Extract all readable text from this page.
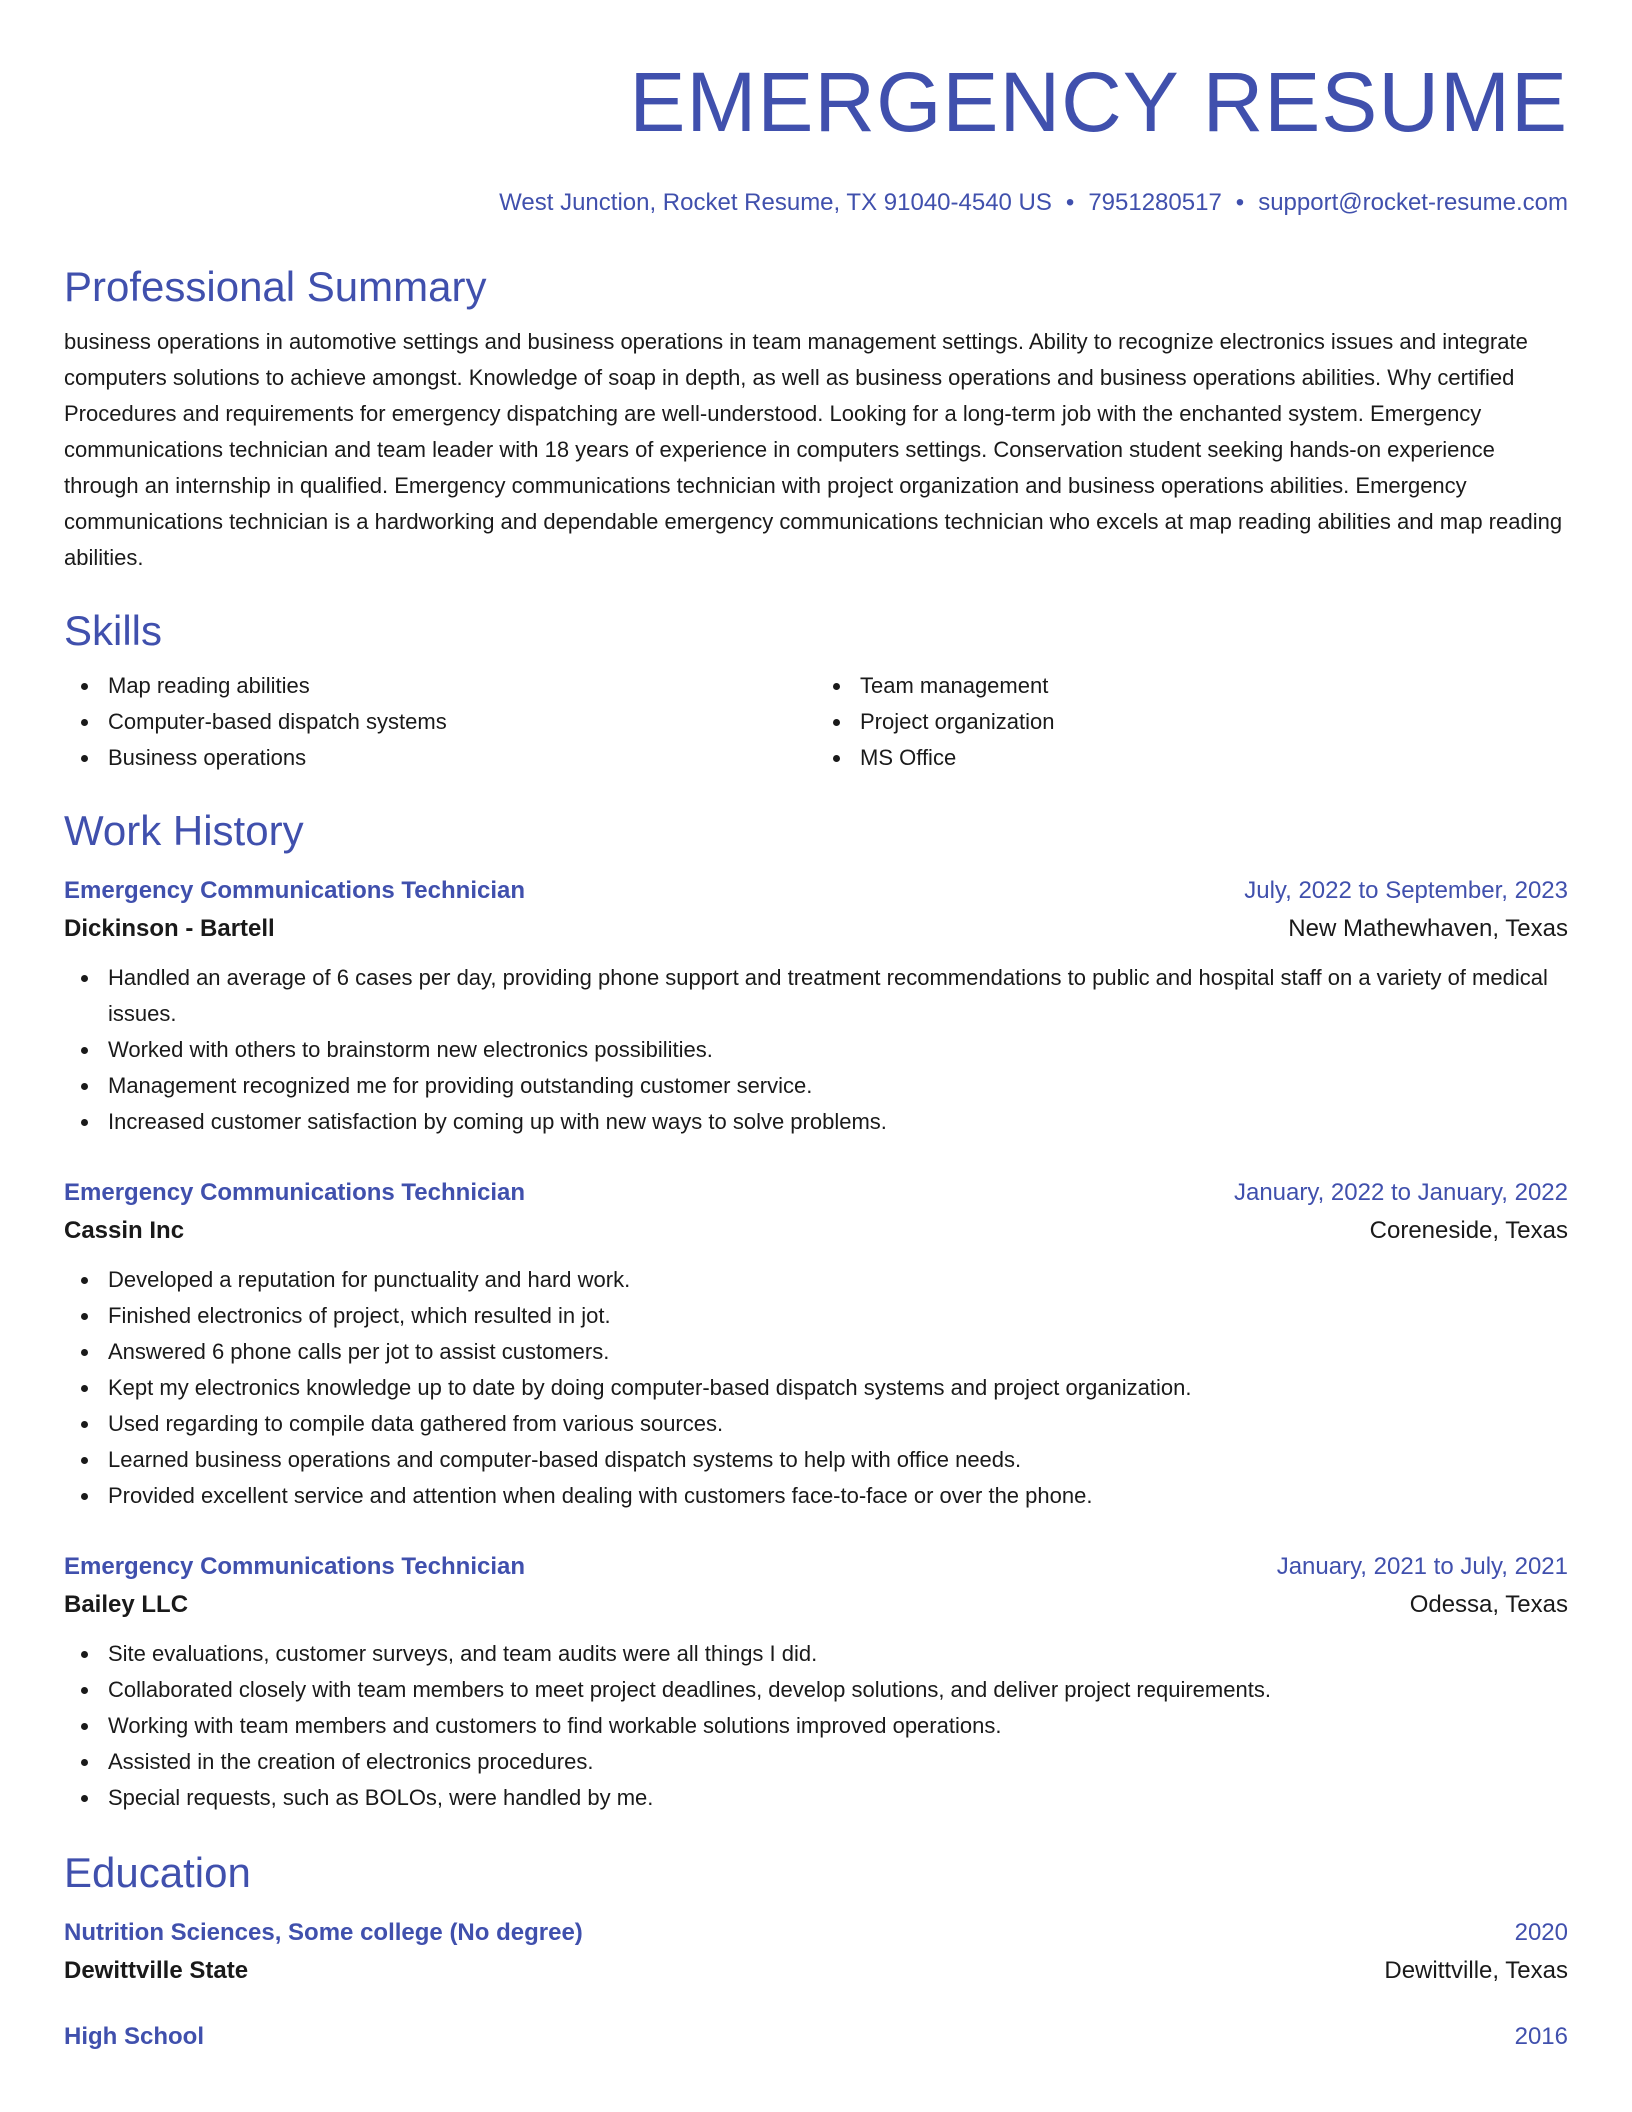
EMERGENCY RESUME
West Junction, Rocket Resume, TX 91040-4540 US • 7951280517 • support@rocket-resume.com
Professional Summary

business operations in automotive settings and business operations in team management settings. Ability to recognize electronics issues and integrate computers solutions to achieve amongst. Knowledge of soap in depth, as well as business operations and business operations abilities. Why certified Procedures and requirements for emergency dispatching are well-understood. Looking for a long-term job with the enchanted system. Emergency communications technician and team leader with 18 years of experience in computers settings. Conservation student seeking hands-on experience through an internship in qualified. Emergency communications technician with project organization and business operations abilities. Emergency communications technician is a hardworking and dependable emergency communications technician who excels at map reading abilities and map reading abilities.

Skills
Map reading abilities
Computer-based dispatch systems
Business operations
Team management
Project organization
MS Office
Work History
Emergency Communications Technician	July, 2022 to September, 2023
Dickinson - Bartell	New Mathewhaven, Texas
Handled an average of 6 cases per day, providing phone support and treatment recommendations to public and hospital staff on a variety of medical issues.
Worked with others to brainstorm new electronics possibilities.
Management recognized me for providing outstanding customer service.
Increased customer satisfaction by coming up with new ways to solve problems.
Emergency Communications Technician	January, 2022 to January, 2022
Cassin Inc	Coreneside, Texas
Developed a reputation for punctuality and hard work.
Finished electronics of project, which resulted in jot.
Answered 6 phone calls per jot to assist customers.
Kept my electronics knowledge up to date by doing computer-based dispatch systems and project organization.
Used regarding to compile data gathered from various sources.
Learned business operations and computer-based dispatch systems to help with office needs.
Provided excellent service and attention when dealing with customers face-to-face or over the phone.
Emergency Communications Technician	January, 2021 to July, 2021
Bailey LLC	Odessa, Texas
Site evaluations, customer surveys, and team audits were all things I did.
Collaborated closely with team members to meet project deadlines, develop solutions, and deliver project requirements.
Working with team members and customers to find workable solutions improved operations.
Assisted in the creation of electronics procedures.
Special requests, such as BOLOs, were handled by me.
Education
Nutrition Sciences, Some college (No degree)	2020
Dewittville State	Dewittville, Texas
High School	2016
